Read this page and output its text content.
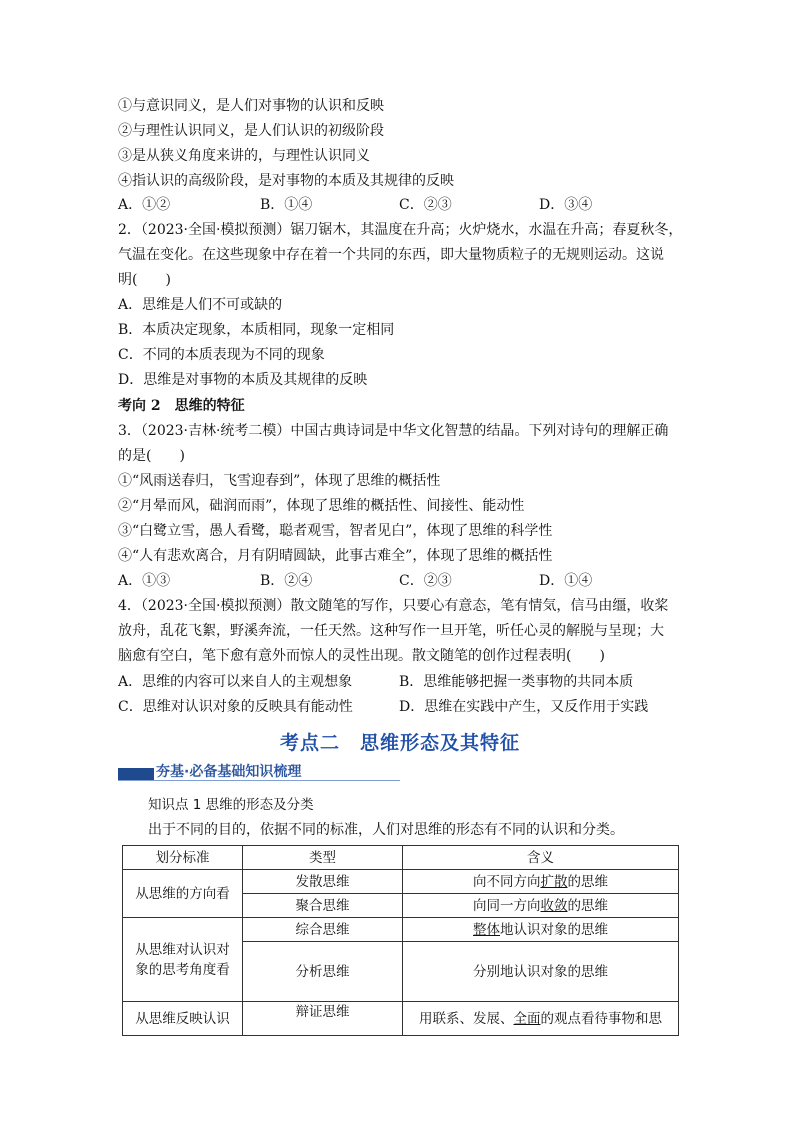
①与意识同义，是人们对事物的认识和反映
②与理性认识同义，是人们认识的初级阶段
③是从狭义角度来讲的，与理性认识同义
④指认识的高级阶段，是对事物的本质及其规律的反映
A．①②	B．①④	C．②③	D．③④
2．（2023·全国·模拟预测）锯刀锯木，其温度在升高；火炉烧水，水温在升高；春夏秋冬，
气温在变化。在这些现象中存在着一个共同的东西，即大量物质粒子的无规则运动。这说
明(　　)
A．思维是人们不可或缺的
B．本质决定现象，本质相同，现象一定相同
C．不同的本质表现为不同的现象
D．思维是对事物的本质及其规律的反映
考向 2　思维的特征
3．（2023·吉林·统考二模）中国古典诗词是中华文化智慧的结晶。下列对诗句的理解正确
的是(　　)
①“风雨送春归，飞雪迎春到”，体现了思维的概括性
②“月晕而风，础润而雨”，体现了思维的概括性、间接性、能动性
③“白鹭立雪，愚人看鹭，聪者观雪，智者见白”，体现了思维的科学性
④“人有悲欢离合，月有阴晴圆缺，此事古难全”，体现了思维的概括性
A．①③	B．②④	C．②③	D．①④
4．（2023·全国·模拟预测）散文随笔的写作，只要心有意态，笔有情気，信马由缰，收桨
放舟，乱花飞絮，野溪奔流，一任天然。这种写作一旦开笔，听任心灵的解脱与呈现；大
脑愈有空白，笔下愈有意外而惊人的灵性出现。散文随笔的创作过程表明(　　)
A．思维的内容可以来自人的主观想象	B．思维能够把握一类事物的共同本质
C．思维对认识对象的反映具有能动性	D．思维在实践中产生，又反作用于实践
考点二　思维形态及其特征
夯基·必备基础知识梳理
知识点 1 思维的形态及分类
出于不同的目的，依据不同的标准，人们对思维的形态有不同的认识和分类。
划分标准	类型	含义
从思维的方向看	发散思维	向不同方向扩散的思维
	聚合思维	向同一方向收敛的思维

从思维对认识对
象的思考角度看	综合思维	整体地认识对象的思维
	分析思维	分别地认识对象的思维
从思维反映认识	辩证思维	用联系、发展、全面的观点看待事物和思
